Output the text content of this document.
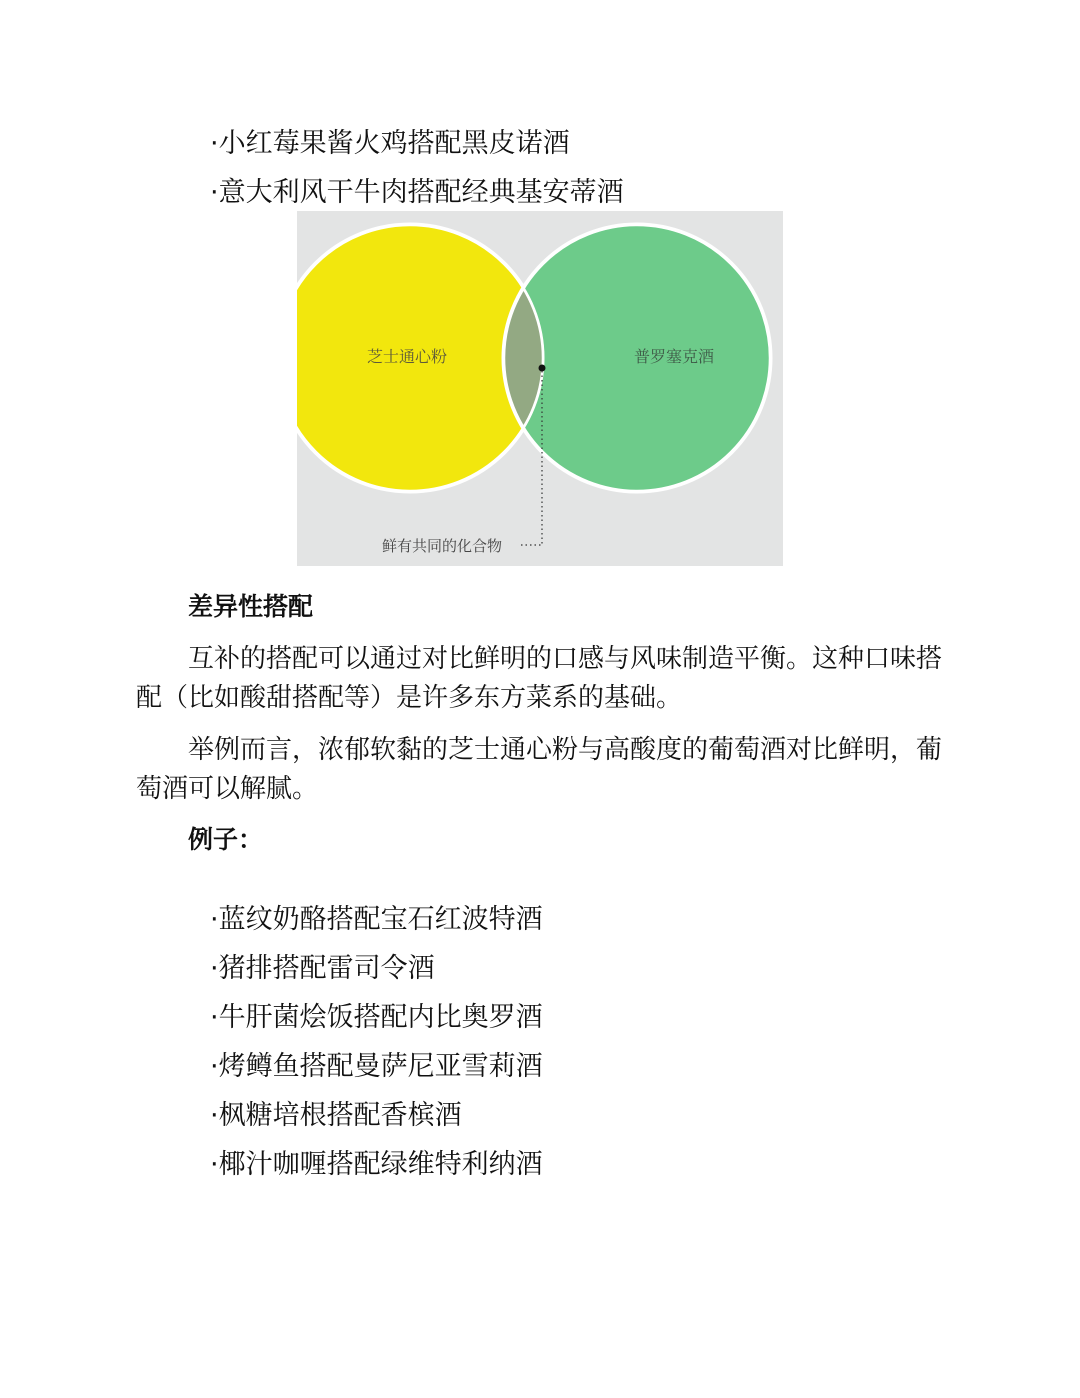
·小红莓果酱火鸡搭配黑皮诺酒
·意大利风干牛肉搭配经典基安蒂酒
芝士通心粉	普罗塞克酒
鲜有共同的化合物
差异性搭配

互补的搭配可以通过对比鲜明的口感与风味制造平衡。这种口味搭配（比如酸甜搭配等）是许多东方菜系的基础。

举例而言，浓郁软黏的芝士通心粉与高酸度的葡萄酒对比鲜明，葡萄酒可以解腻。

例子：
·蓝纹奶酪搭配宝石红波特酒
·猪排搭配雷司令酒
·牛肝菌烩饭搭配内比奥罗酒
·烤鳟鱼搭配曼萨尼亚雪莉酒
·枫糖培根搭配香槟酒
·椰汁咖喱搭配绿维特利纳酒
